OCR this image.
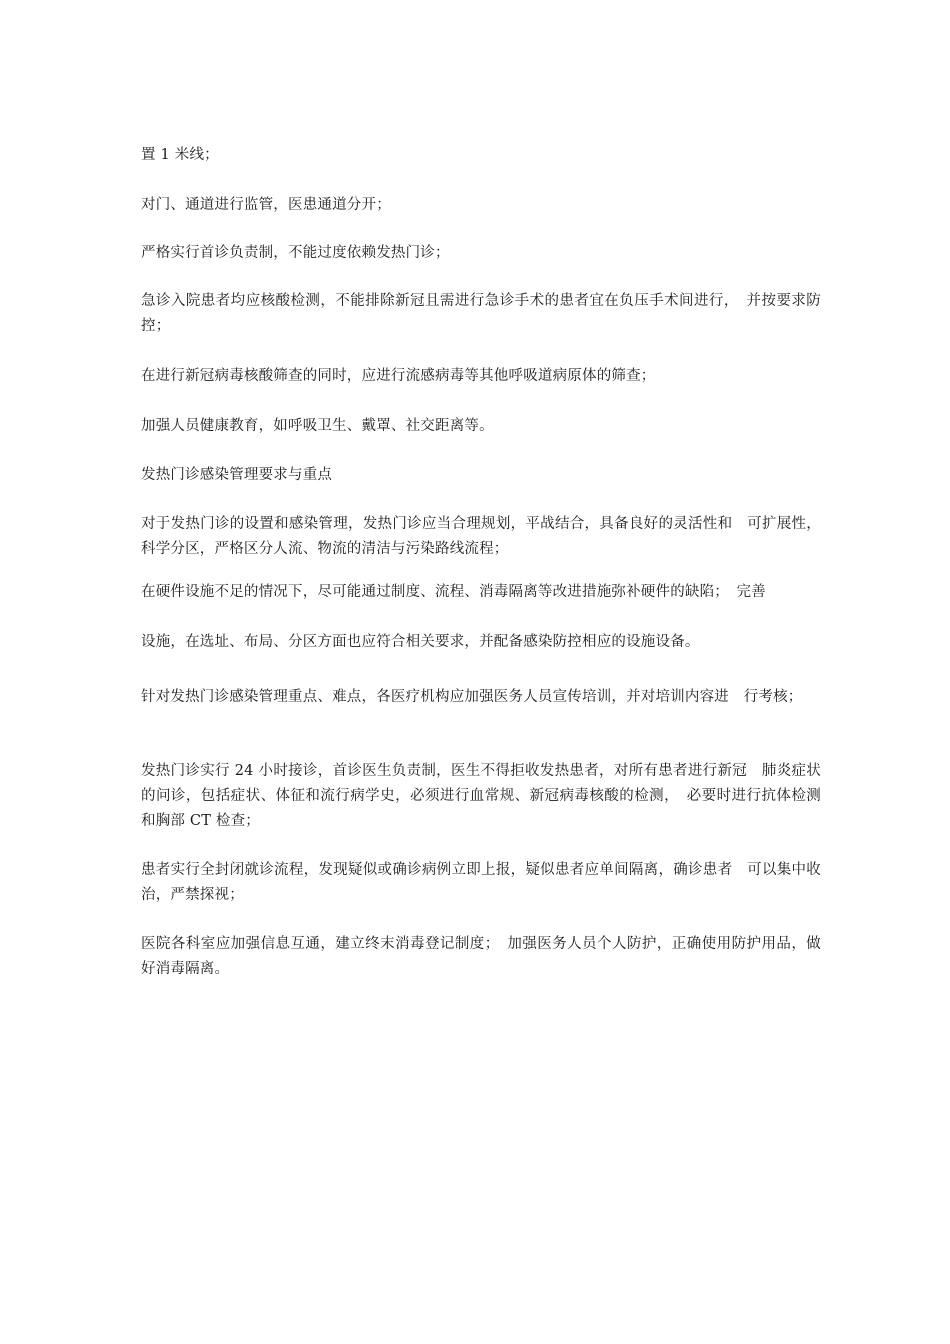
置 1 米线；

对门、通道进行监管，医患通道分开；

严格实行首诊负责制，不能过度依赖发热门诊；

急诊入院患者均应核酸检测，不能排除新冠且需进行急诊手术的患者宜在负压手术间进行，　并按要求防控；

在进行新冠病毒核酸筛查的同时，应进行流感病毒等其他呼吸道病原体的筛查；

加强人员健康教育，如呼吸卫生、戴罩、社交距离等。

发热门诊感染管理要求与重点

对于发热门诊的设置和感染管理，发热门诊应当合理规划，平战结合，具备良好的灵活性和　可扩展性，科学分区，严格区分人流、物流的清洁与污染路线流程；

在硬件设施不足的情况下，尽可能通过制度、流程、消毒隔离等改进措施弥补硬件的缺陷；　完善

设施，在选址、布局、分区方面也应符合相关要求，并配备感染防控相应的设施设备。

针对发热门诊感染管理重点、难点，各医疗机构应加强医务人员宣传培训，并对培训内容进　行考核；

发热门诊实行 24 小时接诊，首诊医生负责制，医生不得拒收发热患者，对所有患者进行新冠　肺炎症状的问诊，包括症状、体征和流行病学史，必须进行血常规、新冠病毒核酸的检测，　必要时进行抗体检测和胸部 CT 检查；

患者实行全封闭就诊流程，发现疑似或确诊病例立即上报，疑似患者应单间隔离，确诊患者　可以集中收治，严禁探视；

医院各科室应加强信息互通，建立终末消毒登记制度；　加强医务人员个人防护，正确使用防护用品，做好消毒隔离。
